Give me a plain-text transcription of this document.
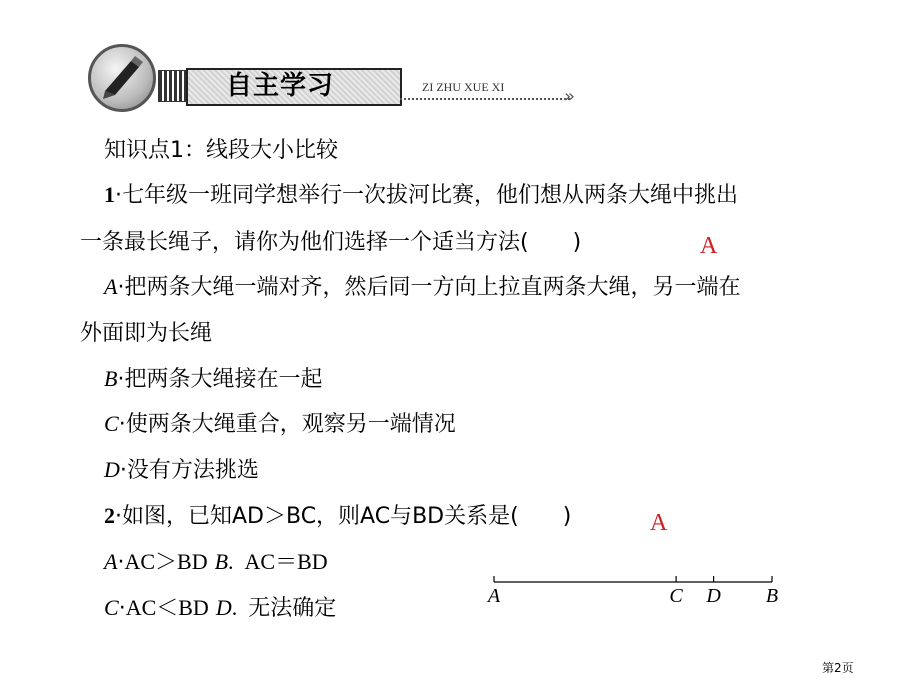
自主学习	ZI ZHU XUE XI	»
知识点1：线段大小比较
1·七年级一班同学想举行一次拔河比赛，他们想从两条大绳中挑出
一条最长绳子，请你为他们选择一个适当方法(　　)	A
A·把两条大绳一端对齐，然后同一方向上拉直两条大绳，另一端在
外面即为长绳
B·把两条大绳接在一起
C·使两条大绳重合，观察另一端情况
D·没有方法挑选
2·如图，已知AD＞BC，则AC与BD关系是(　　)	A
A·AC＞BD B.  AC＝BD
C·AC＜BD D.  无法确定	A	C D B
第2页
